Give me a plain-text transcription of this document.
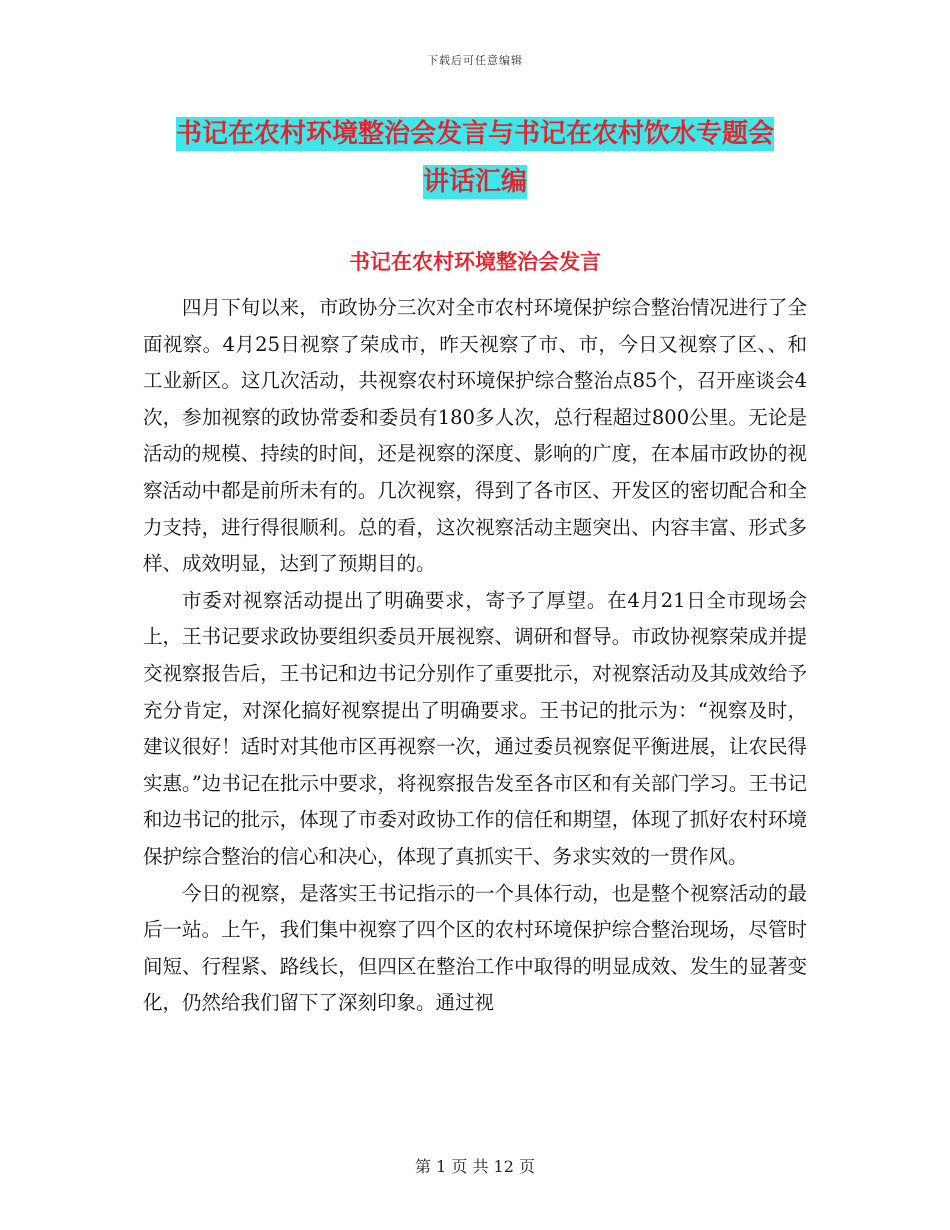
下载后可任意编辑
书记在农村环境整治会发言与书记在农村饮水专题会
讲话汇编
书记在农村环境整治会发言

四月下旬以来，市政协分三次对全市农村环境保护综合整治情况进行了全面视察。4月25日视察了荣成市，昨天视察了市、市，今日又视察了区、、和工业新区。这几次活动，共视察农村环境保护综合整治点85个，召开座谈会4次，参加视察的政协常委和委员有180多人次，总行程超过800公里。无论是活动的规模、持续的时间，还是视察的深度、影响的广度，在本届市政协的视察活动中都是前所未有的。几次视察，得到了各市区、开发区的密切配合和全力支持，进行得很顺利。总的看，这次视察活动主题突出、内容丰富、形式多样、成效明显，达到了预期目的。

市委对视察活动提出了明确要求，寄予了厚望。在4月21日全市现场会上，王书记要求政协要组织委员开展视察、调研和督导。市政协视察荣成并提交视察报告后，王书记和边书记分别作了重要批示，对视察活动及其成效给予充分肯定，对深化搞好视察提出了明确要求。王书记的批示为：“视察及时，建议很好！适时对其他市区再视察一次，通过委员视察促平衡进展，让农民得实惠。”边书记在批示中要求，将视察报告发至各市区和有关部门学习。王书记和边书记的批示，体现了市委对政协工作的信任和期望，体现了抓好农村环境保护综合整治的信心和决心，体现了真抓实干、务求实效的一贯作风。

今日的视察，是落实王书记指示的一个具体行动，也是整个视察活动的最后一站。上午，我们集中视察了四个区的农村环境保护综合整治现场，尽管时间短、行程紧、路线长，但四区在整治工作中取得的明显成效、发生的显著变化，仍然给我们留下了深刻印象。通过视

第 1 页 共 12 页
